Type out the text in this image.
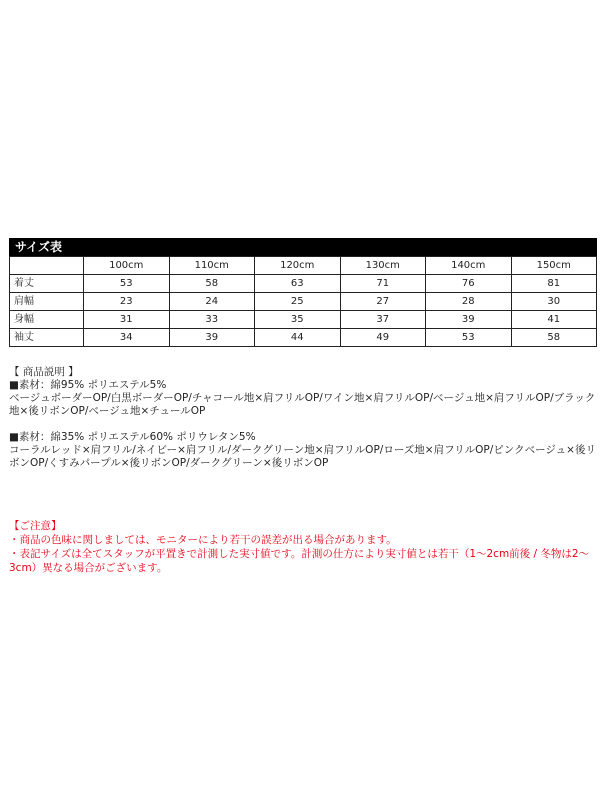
サイズ表
	100cm	110cm	120cm	130cm	140cm	150cm
着丈	53	58	63	71	76	81
肩幅	23	24	25	27	28	30
身幅	31	33	35	37	39	41
袖丈	34	39	44	49	53	58

【 商品説明 】

■素材：綿95% ポリエステル5%

ベージュボーダーOP/白黒ボーダーOP/チャコール地×肩フリルOP/ワイン地×肩フリルOP/ベージュ地×肩フリルOP/ブラック地×後リボンOP/ベージュ地×チュールOP

■素材：綿35% ポリエステル60% ポリウレタン5%

コーラルレッド×肩フリル/ネイビー×肩フリル/ダークグリーン地×肩フリルOP/ローズ地×肩フリルOP/ピンクベージュ×後リボンOP/くすみパープル×後リボンOP/ダークグリーン×後リボンOP

【ご注意】

・商品の色味に関しましては、モニターにより若干の誤差が出る場合があります。

・表記サイズは全てスタッフが平置きで計測した実寸値です。計測の仕方により実寸値とは若干（1～2cm前後 / 冬物は2～3cm）異なる場合がございます。
